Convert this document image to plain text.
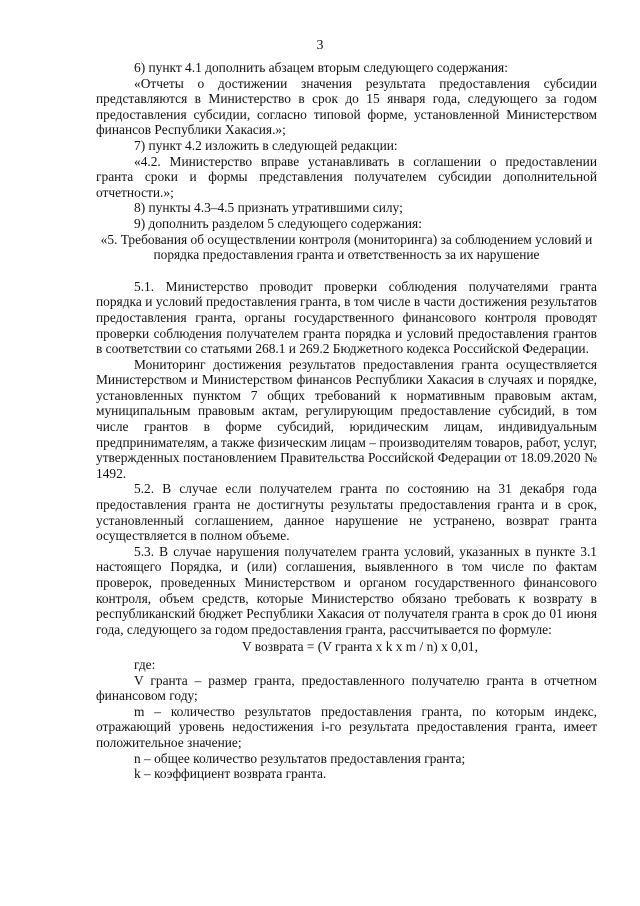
3

6) пункт 4.1 дополнить абзацем вторым следующего содержания:

«Отчеты о достижении значения результата предоставления субсидии представляются в Министерство в срок до 15 января года, следующего за годом предоставления субсидии, согласно типовой форме, установленной Министерством финансов Республики Хакасия.»;

7) пункт 4.2 изложить в следующей редакции:

«4.2. Министерство вправе устанавливать в соглашении о предоставлении гранта сроки и формы представления получателем субсидии дополнительной отчетности.»;

8) пункты 4.3–4.5 признать утратившими силу;

9) дополнить разделом 5 следующего содержания:

«5. Требования об осуществлении контроля (мониторинга) за соблюдением условий и порядка предоставления гранта и ответственность за их нарушение

5.1. Министерство проводит проверки соблюдения получателями гранта порядка и условий предоставления гранта, в том числе в части достижения результатов предоставления гранта, органы государственного финансового контроля проводят проверки соблюдения получателем гранта порядка и условий предоставления грантов в соответствии со статьями 268.1 и 269.2 Бюджетного кодекса Российской Федерации.

Мониторинг достижения результатов предоставления гранта осуществляется Министерством и Министерством финансов Республики Хакасия в случаях и порядке, установленных пунктом 7 общих требований к нормативным правовым актам, муниципальным правовым актам, регулирующим предоставление субсидий, в том числе грантов в форме субсидий, юридическим лицам, индивидуальным предпринимателям, а также физическим лицам – производителям товаров, работ, услуг, утвержденных постановлением Правительства Российской Федерации от 18.09.2020 № 1492.

5.2. В случае если получателем гранта по состоянию на 31 декабря года предоставления гранта не достигнуты результаты предоставления гранта и в срок, установленный соглашением, данное нарушение не устранено, возврат гранта осуществляется в полном объеме.

5.3. В случае нарушения получателем гранта условий, указанных в пункте 3.1 настоящего Порядка, и (или) соглашения, выявленного в том числе по фактам проверок, проведенных Министерством и органом государственного финансового контроля, объем средств, которые Министерство обязано требовать к возврату в республиканский бюджет Республики Хакасия от получателя гранта в срок до 01 июня года, следующего за годом предоставления гранта, рассчитывается по формуле:

V возврата = (V гранта x k x m / n) x 0,01,

где:

V гранта – размер гранта, предоставленного получателю гранта в отчетном финансовом году;

m – количество результатов предоставления гранта, по которым индекс, отражающий уровень недостижения i-го результата предоставления гранта, имеет положительное значение;

n – общее количество результатов предоставления гранта;

k – коэффициент возврата гранта.
